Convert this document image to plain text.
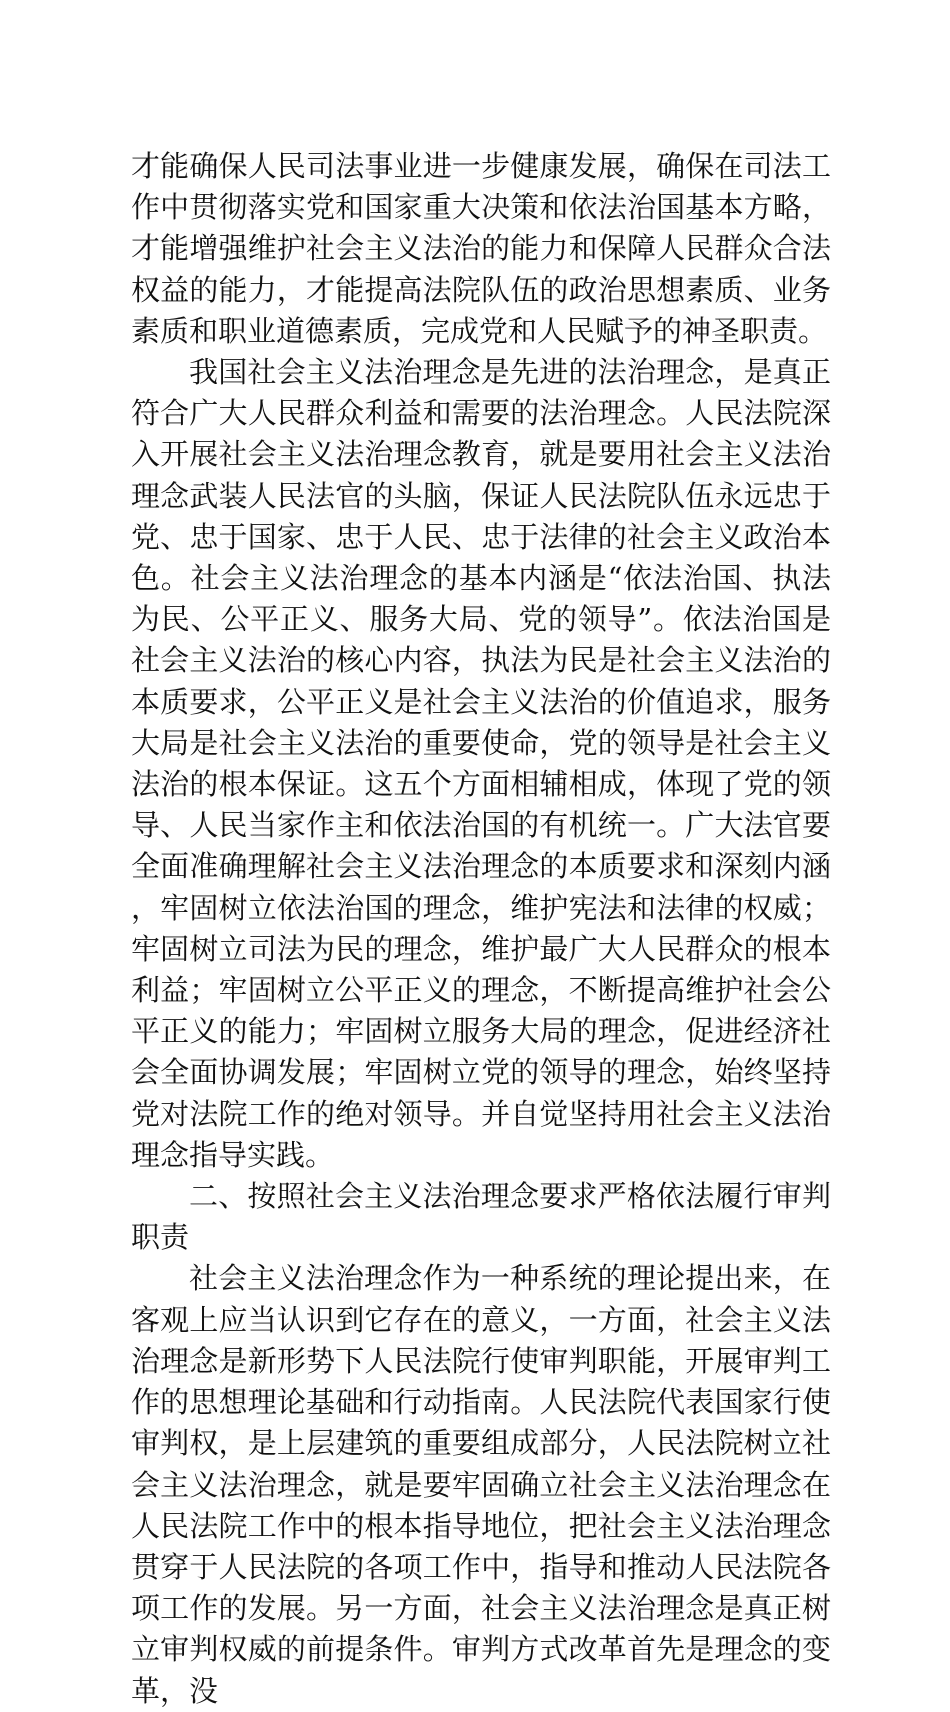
才能确保人民司法事业进一步健康发展，确保在司法工作中贯彻落实党和国家重大决策和依法治国基本方略，才能增强维护社会主义法治的能力和保障人民群众合法权益的能力，才能提高法院队伍的政治思想素质、业务素质和职业道德素质，完成党和人民赋予的神圣职责。

我国社会主义法治理念是先进的法治理念，是真正符合广大人民群众利益和需要的法治理念。人民法院深入开展社会主义法治理念教育，就是要用社会主义法治理念武装人民法官的头脑，保证人民法院队伍永远忠于党、忠于国家、忠于人民、忠于法律的社会主义政治本色。社会主义法治理念的基本内涵是“依法治国、执法为民、公平正义、服务大局、党的领导”。依法治国是社会主义法治的核心内容，执法为民是社会主义法治的本质要求，公平正义是社会主义法治的价值追求，服务大局是社会主义法治的重要使命，党的领导是社会主义法治的根本保证。这五个方面相辅相成，体现了党的领导、人民当家作主和依法治国的有机统一。广大法官要全面准确理解社会主义法治理念的本质要求和深刻内涵，牢固树立依法治国的理念，维护宪法和法律的权威；牢固树立司法为民的理念，维护最广大人民群众的根本利益；牢固树立公平正义的理念，不断提高维护社会公平正义的能力；牢固树立服务大局的理念，促进经济社会全面协调发展；牢固树立党的领导的理念，始终坚持党对法院工作的绝对领导。并自觉坚持用社会主义法治理念指导实践。

二、按照社会主义法治理念要求严格依法履行审判职责

社会主义法治理念作为一种系统的理论提出来，在客观上应当认识到它存在的意义，一方面，社会主义法治理念是新形势下人民法院行使审判职能，开展审判工作的思想理论基础和行动指南。人民法院代表国家行使审判权，是上层建筑的重要组成部分，人民法院树立社会主义法治理念，就是要牢固确立社会主义法治理念在人民法院工作中的根本指导地位，把社会主义法治理念贯穿于人民法院的各项工作中，指导和推动人民法院各项工作的发展。另一方面，社会主义法治理念是真正树立审判权威的前提条件。审判方式改革首先是理念的变革，没
